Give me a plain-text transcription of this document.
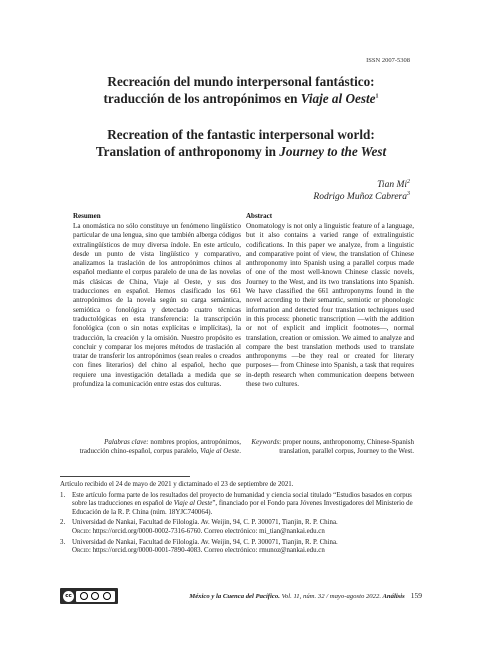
ISSN 2007-5308
Recreación del mundo interpersonal fantástico:
traducción de los antropónimos en Viaje al Oeste$^1$
Recreation of the fantastic interpersonal world:
Translation of anthroponomy in Journey to the West
Tian Mi$^2$
Rodrigo Muñoz Cabrera$^3$
Resumen

La onomástica no sólo constituye un fenómeno lingüístico particular de una lengua, sino que también alberga códigos extralingüísticos de muy diversa índole. En este artículo, desde un punto de vista lingüístico y comparativo, analizamos la traslación de los antropónimos chinos al español mediante el corpus paralelo de una de las novelas más clásicas de China, Viaje al Oeste, y sus dos traducciones en español. Hemos clasificado los 661 antropónimos de la novela según su carga semántica, semiótica o fonológica y detectado cuatro técnicas traductológicas en esta transferencia: la transcripción fonológica (con o sin notas explícitas e implícitas), la traducción, la creación y la omisión. Nuestro propósito es concluir y comparar los mejores métodos de traslación al tratar de transferir los antropónimos (sean reales o creados con fines literarios) del chino al español, hecho que requiere una investigación detallada a medida que se profundiza la comunicación entre estas dos culturas.

Abstract

Onomatology is not only a linguistic feature of a language, but it also contains a varied range of extralinguistic codifications. In this paper we analyze, from a linguistic and comparative point of view, the translation of Chinese anthroponomy into Spanish using a parallel corpus made of one of the most well-known Chinese classic novels, Journey to the West, and its two translations into Spanish. We have classified the 661 anthroponyms found in the novel according to their semantic, semiotic or phonologic information and detected four translation techniques used in this process: phonetic transcription —with the addition or not of explicit and implicit footnotes—, normal translation, creation or omission. We aimed to analyze and compare the best translation methods used to translate anthroponyms —be they real or created for literary purposes— from Chinese into Spanish, a task that requires in-depth research when communication deepens between these two cultures.

Palabras clave: nombres propios, antropónimos, traducción chino-español, corpus paralelo, Viaje al Oeste.
Keywords: proper nouns, anthroponomy, Chinese-Spanish translation, parallel corpus, Journey to the West.

Artículo recibido el 24 de mayo de 2021 y dictaminado el 23 de septiembre de 2021.

1. Este artículo forma parte de los resultados del proyecto de humanidad y ciencia social titulado “Estudios basados en corpus sobre las traducciones en español de Viaje al Oeste”, financiado por el Fondo para Jóvenes Investigadores del Ministerio de Educación de la R. P. China (núm. 18YJC740064).

2. Universidad de Nankai, Facultad de Filología. Av. Weijin, 94, C. P. 300071, Tianjin, R. P. China.
Orcid: https://orcid.org/0000-0002-7316-6760. Correo electrónico: mi_tian@nankai.edu.cn

3. Universidad de Nankai, Facultad de Filología. Av. Weijin, 94, C. P. 300071, Tianjin, R. P. China.
Orcid: https://orcid.org/0000-0001-7890-4083. Correo electrónico: rmunoz@nankai.edu.cn

cc	México y la Cuenca del Pacífico. Vol. 11, núm. 32 / mayo-agosto 2022. Análisis 159
